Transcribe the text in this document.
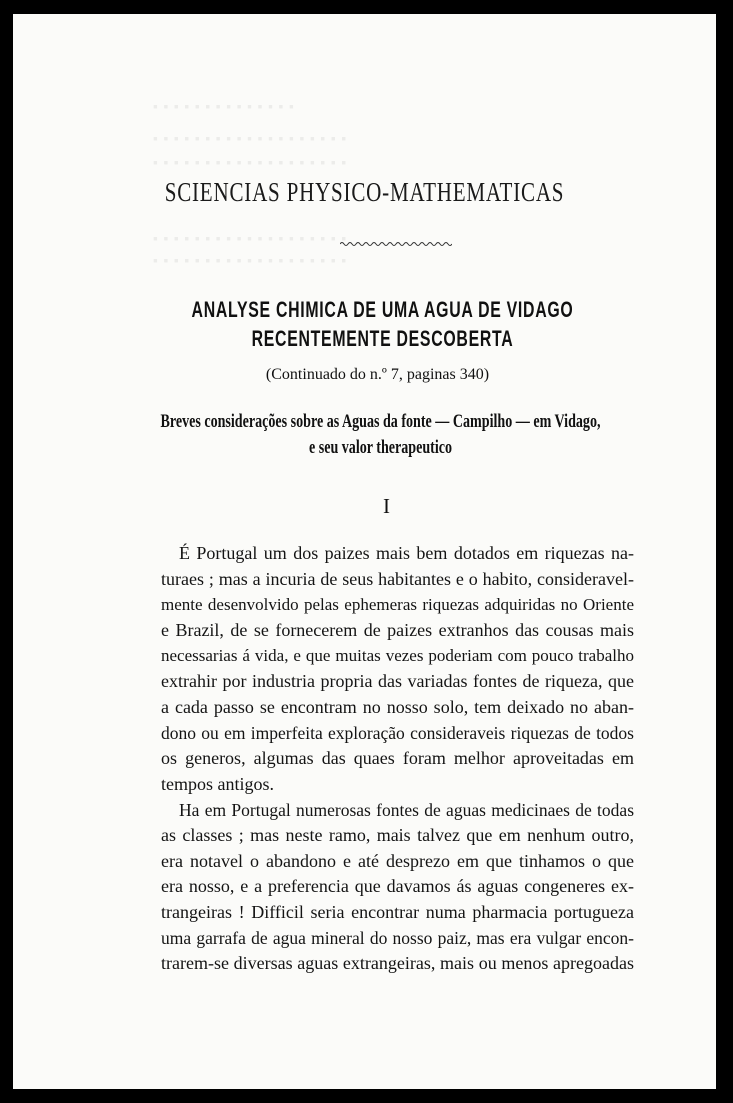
▪ ▪ ▪ ▪ ▪ ▪ ▪ ▪ ▪ ▪ ▪ ▪ ▪ ▪
▪ ▪ ▪ ▪ ▪ ▪ ▪ ▪ ▪ ▪ ▪ ▪ ▪ ▪ ▪ ▪ ▪ ▪ ▪
▪ ▪ ▪ ▪ ▪ ▪ ▪ ▪ ▪ ▪ ▪ ▪ ▪ ▪ ▪ ▪ ▪ ▪ ▪
▪ ▪ ▪ ▪ ▪ ▪ ▪ ▪ ▪ ▪ ▪ ▪ ▪ ▪ ▪ ▪ ▪ ▪ ▪
▪ ▪ ▪ ▪ ▪ ▪ ▪ ▪ ▪ ▪ ▪ ▪ ▪ ▪ ▪ ▪ ▪ ▪ ▪
SCIENCIAS PHYSICO-MATHEMATICAS
ANALYSE CHIMICA DE UMA AGUA DE VIDAGO
RECENTEMENTE DESCOBERTA
(Continuado do n.º 7, paginas 340)
Breves considerações sobre as Aguas da fonte — Campilho — em Vidago,
e seu valor therapeutico
I
É Portugal um dos paizes mais bem dotados em riquezas na-
turaes ; mas a incuria de seus habitantes e o habito, consideravel-
mente desenvolvido pelas ephemeras riquezas adquiridas no Oriente
e Brazil, de se fornecerem de paizes extranhos das cousas mais
necessarias á vida, e que muitas vezes poderiam com pouco trabalho
extrahir por industria propria das variadas fontes de riqueza, que
a cada passo se encontram no nosso solo, tem deixado no aban-
dono ou em imperfeita exploração consideraveis riquezas de todos
os generos, algumas das quaes foram melhor aproveitadas em
tempos antigos.
Ha em Portugal numerosas fontes de aguas medicinaes de todas
as classes ; mas neste ramo, mais talvez que em nenhum outro,
era notavel o abandono e até desprezo em que tinhamos o que
era nosso, e a preferencia que davamos ás aguas congeneres ex-
trangeiras ! Difficil seria encontrar numa pharmacia portugueza
uma garrafa de agua mineral do nosso paiz, mas era vulgar encon-
trarem-se diversas aguas extrangeiras, mais ou menos apregoadas
